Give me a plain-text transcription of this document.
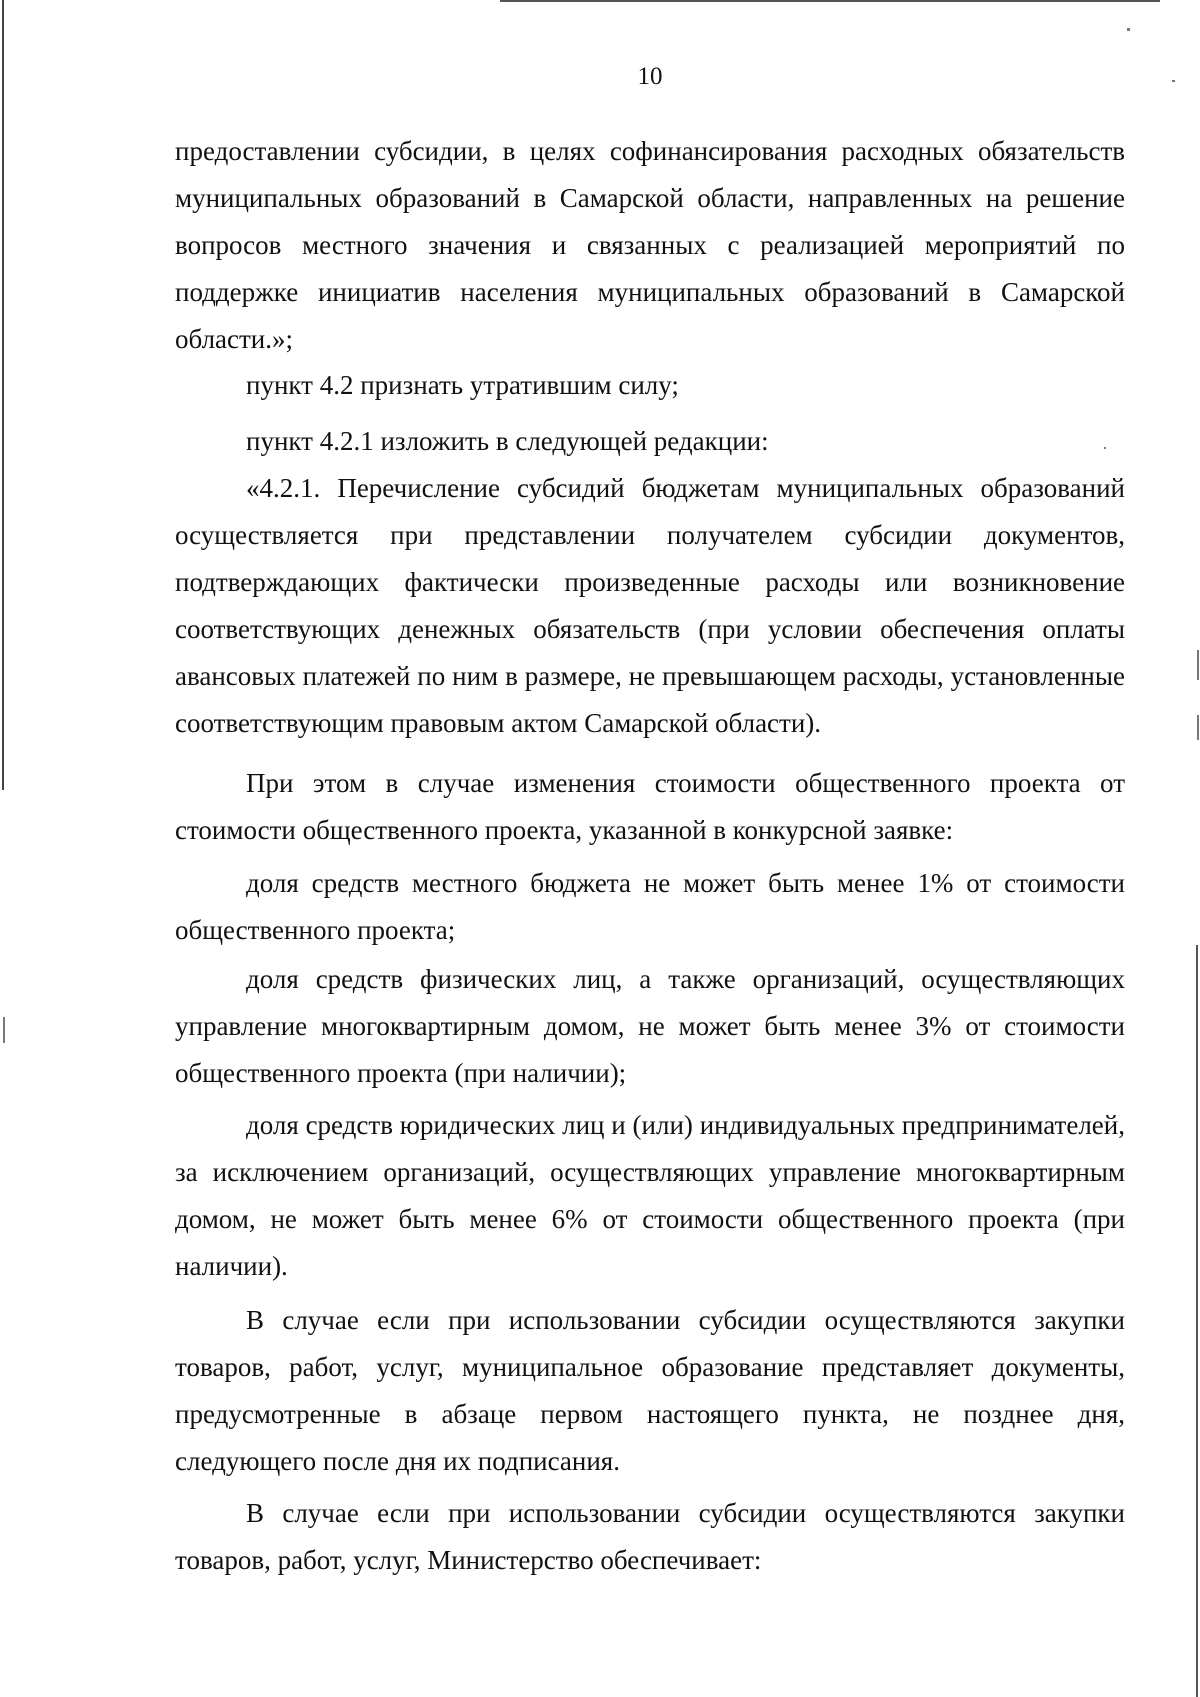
10

предоставлении субсидии, в целях софинансирования расходных обязательств муниципальных образований в Самарской области, направленных на решение вопросов местного значения и связанных с реализацией мероприятий по поддержке инициатив населения муниципальных образований в Самарской области.»;

пункт 4.2 признать утратившим силу;

пункт 4.2.1 изложить в следующей редакции:

«4.2.1. Перечисление субсидий бюджетам муниципальных образований осуществляется при представлении получателем субсидии документов, подтверждающих фактически произведенные расходы или возникновение соответствующих денежных обязательств (при условии обеспечения оплаты авансовых платежей по ним в размере, не превышающем расходы, установленные соответствующим правовым актом Самарской области).

При этом в случае изменения стоимости общественного проекта от стоимости общественного проекта, указанной в конкурсной заявке:

доля средств местного бюджета не может быть менее 1% от стоимости общественного проекта;

доля средств физических лиц, а также организаций, осуществляющих управление многоквартирным домом, не может быть менее 3% от стоимости общественного проекта (при наличии);

доля средств юридических лиц и (или) индивидуальных предпринимателей, за исключением организаций, осуществляющих управление многоквартирным домом, не может быть менее 6% от стоимости общественного проекта (при наличии).

В случае если при использовании субсидии осуществляются закупки товаров, работ, услуг, муниципальное образование представляет документы, предусмотренные в абзаце первом настоящего пункта, не позднее дня, следующего после дня их подписания.

В случае если при использовании субсидии осуществляются закупки товаров, работ, услуг, Министерство обеспечивает:
